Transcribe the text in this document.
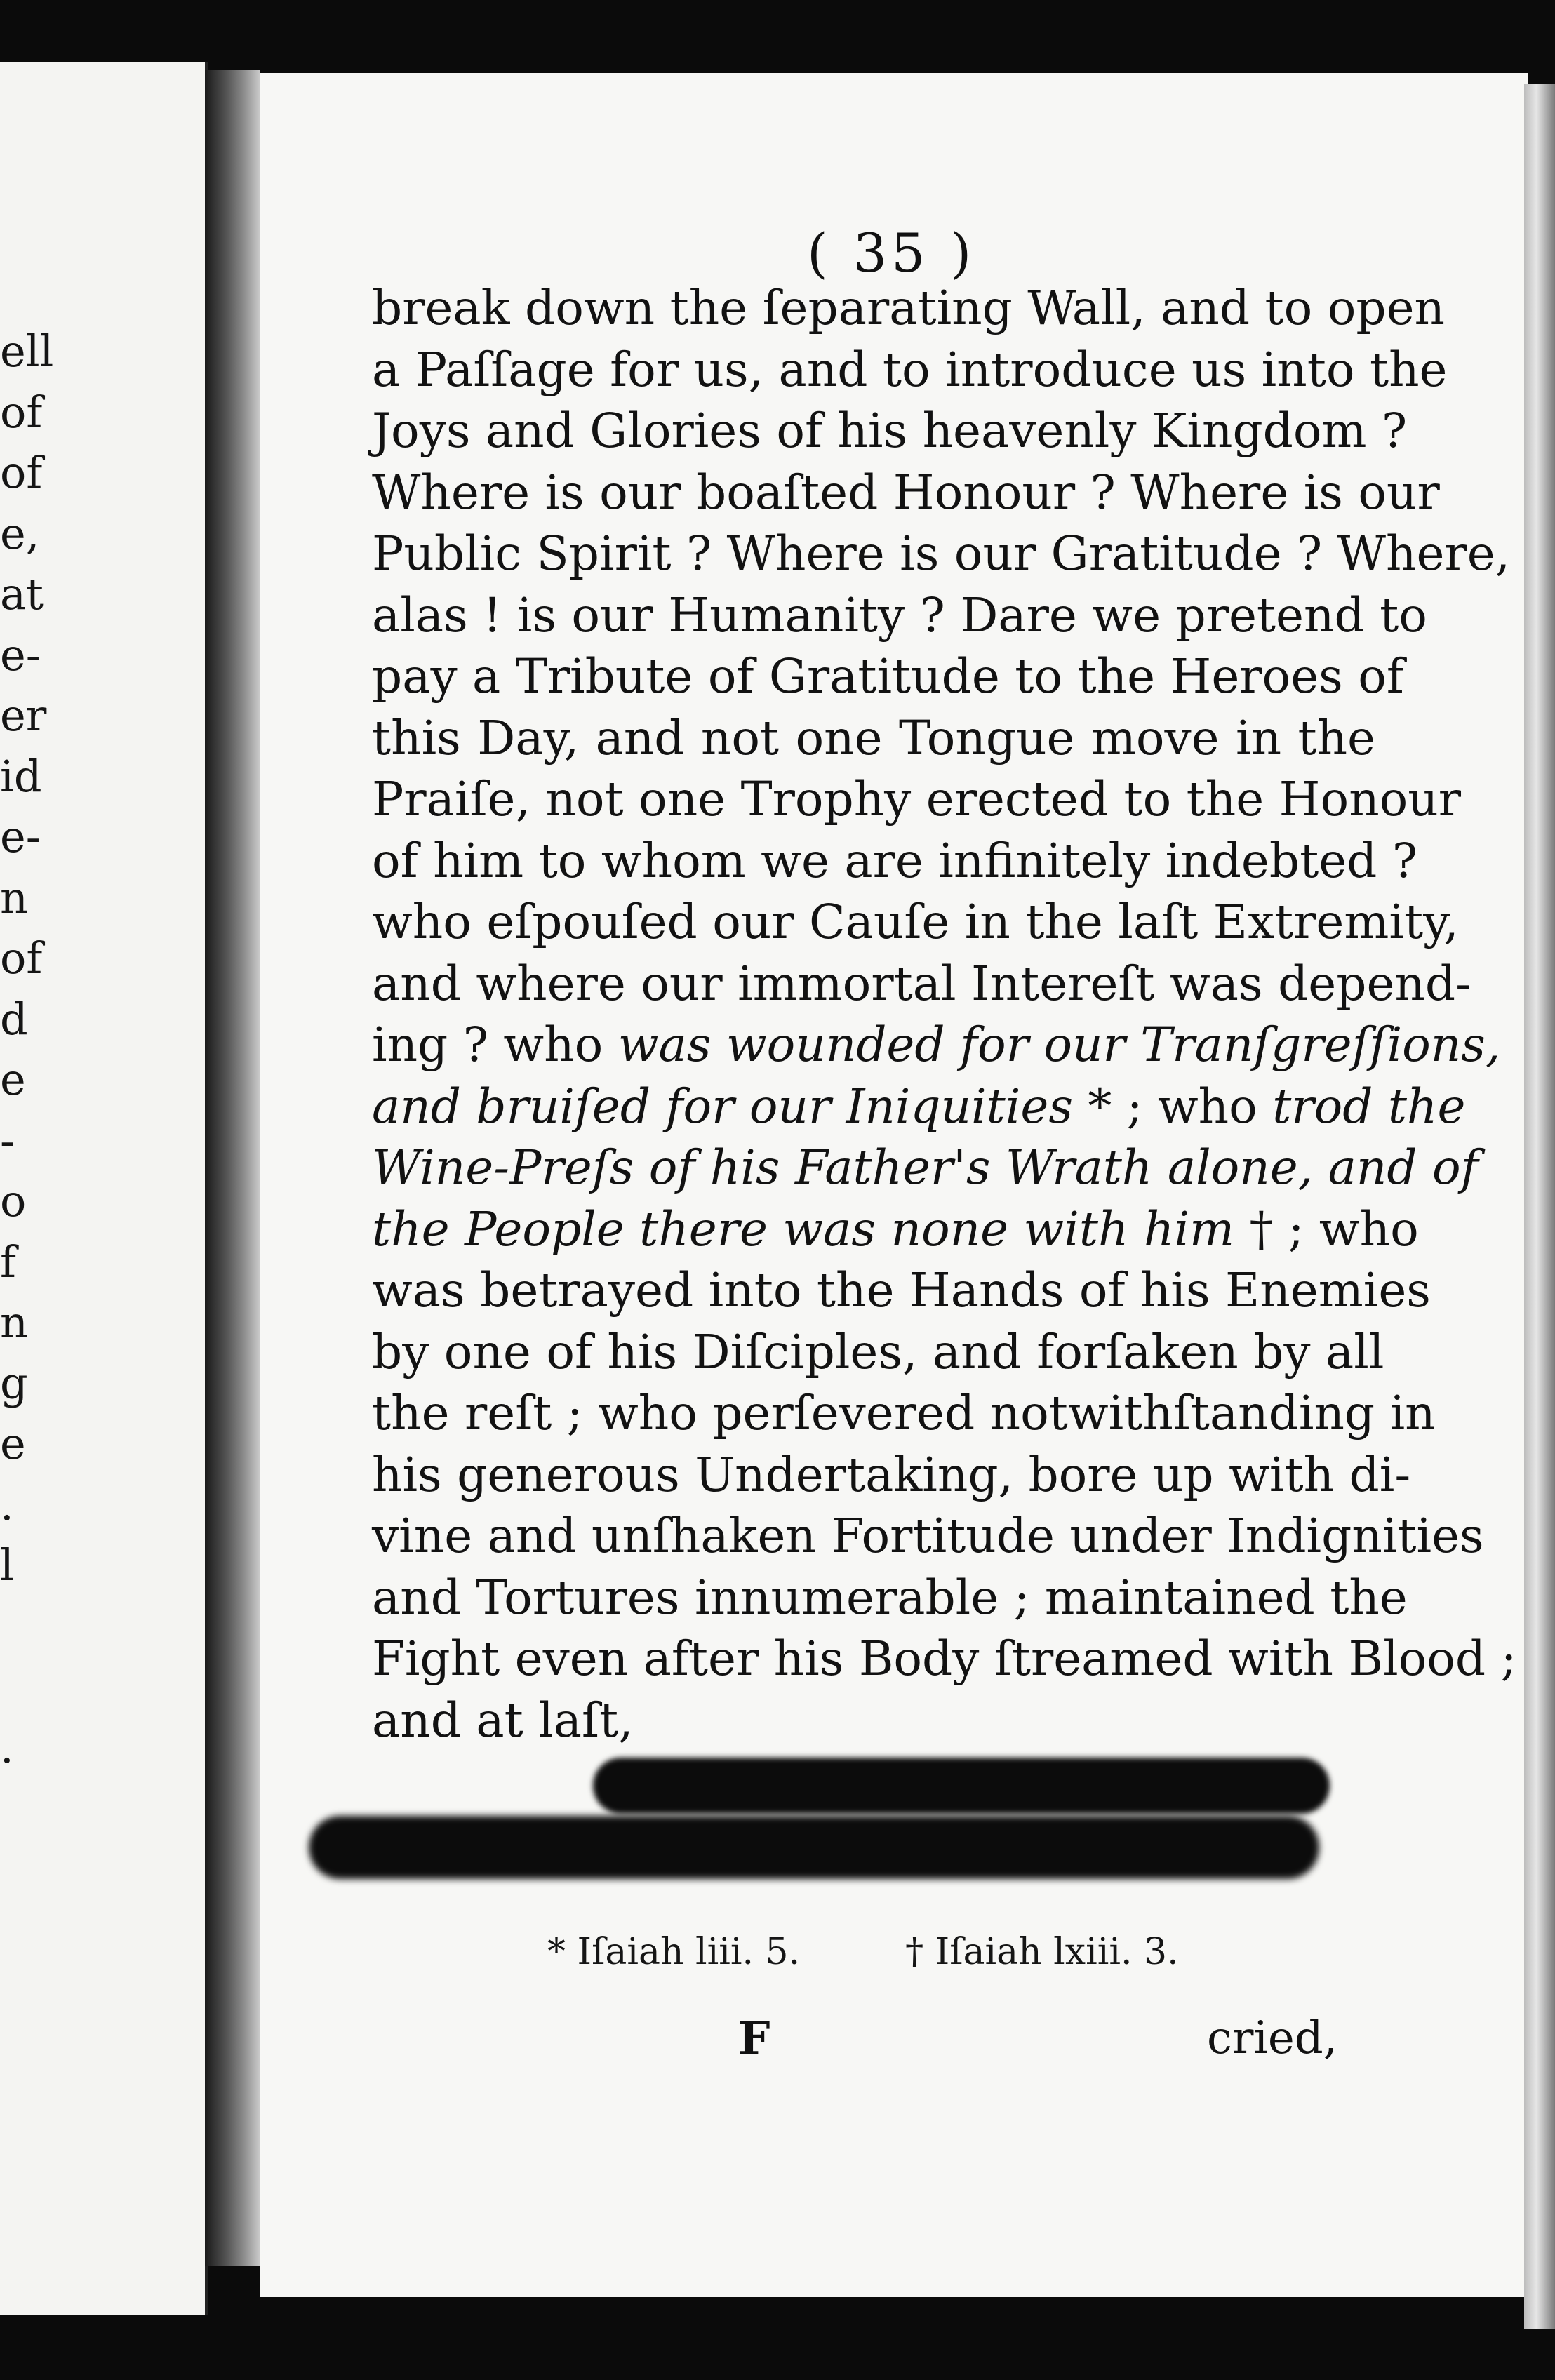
ell
of
of
e,
at
e-
er
id
e-
n
of
d
e
-
o
f
n
g
e
.
l
.
( 35 )
break down the ſeparating Wall, and to open
a Paſſage for us, and to introduce us into the
Joys and Glories of his heavenly Kingdom ?
Where is our boaſted Honour ? Where is our
Public Spirit ? Where is our Gratitude ? Where,
alas ! is our Humanity ? Dare we pretend to
pay a Tribute of Gratitude to the Heroes of
this Day, and not one Tongue move in the
Praiſe, not one Trophy erected to the Honour
of him to whom we are infinitely indebted ?
who eſpouſed our Cauſe in the laſt Extremity,
and where our immortal Intereſt was depend-
ing ? who was wounded for our Tranſgreſſions,
and bruiſed for our Iniquities * ; who trod the
Wine-Preſs of his Father's Wrath alone, and of
the People there was none with him † ; who
was betrayed into the Hands of his Enemies
by one of his Diſciples, and forſaken by all
the reſt ; who perſevered notwithſtanding in
his generous Undertaking, bore up with di-
vine and unſhaken Fortitude under Indignities
and Tortures innumerable ; maintained the
Fight even after his Body ſtreamed with Blood ;
and at laſt,
* Iſaiah liii. 5.	† Iſaiah lxiii. 3.
F	cried,
